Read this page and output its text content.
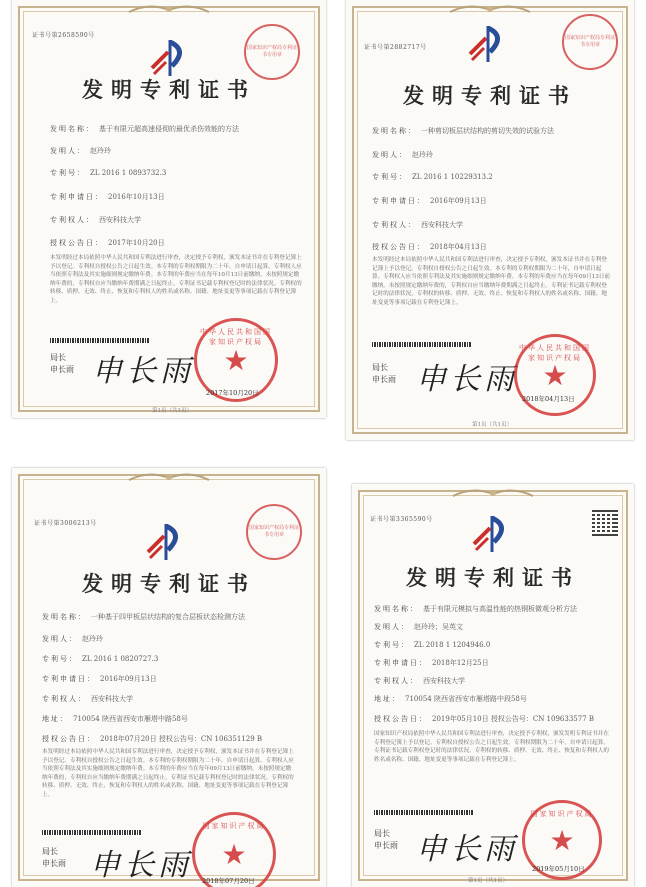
证书号第2658590号
国家知识产权局专利证书专用章
发明专利证书
发明名称： 基于有限元超高速侵彻的最优杀伤效能的方法
发明人： 赵玲玲
专利号： ZL 2016 1 0893732.3
专利申请日： 2016年10月13日
专利权人： 西安科技大学
授权公告日： 2017年10月20日
本发明经过本局依照中华人民共和国专利法进行审查，决定授予专利权，颁发本证书并在专利登记簿上予以登记。专利权自授权公告之日起生效。本专利的专利权期限为二十年，自申请日起算。专利权人应当依照专利法及其实施细则规定缴纳年费。本专利的年费应当在每年10月13日前缴纳。未按照规定缴纳年费的，专利权自应当缴纳年费期满之日起终止。专利证书记载专利权登记时的法律状况。专利权的转移、质押、无效、终止、恢复和专利权人的姓名或名称、国籍、地址变更等事项记载在专利登记簿上。
局长
申长雨 申长雨
中华人民共和国国家知识产权局
★
2017年10月20日
第1页（共1页）
证书号第2882717号
国家知识产权局专利证书专用章
发明专利证书
发明名称： 一种剪切板层状结构的剪切失效的试验方法
发明人： 赵玲玲
专利号： ZL 2016 1 10229313.2
专利申请日： 2016年09月13日
专利权人： 西安科技大学
授权公告日： 2018年04月13日
本发明经过本局依照中华人民共和国专利法进行审查，决定授予专利权，颁发本证书并在专利登记簿上予以登记。专利权自授权公告之日起生效。本专利的专利权期限为二十年，自申请日起算。专利权人应当依照专利法及其实施细则规定缴纳年费。本专利的年费应当在每年09月13日前缴纳。未按照规定缴纳年费的，专利权自应当缴纳年费期满之日起终止。专利证书记载专利权登记时的法律状况。专利权的转移、质押、无效、终止、恢复和专利权人的姓名或名称、国籍、地址变更等事项记载在专利登记簿上。
局长
申长雨 申长雨
中华人民共和国国家知识产权局
★
2018年04月13日
第1页（共1页）
证书号第3006213号
国家知识产权局专利证书专用章
发明专利证书
发明名称： 一种基于四甲板层状结构的复合层板状态检测方法
发明人： 赵玲玲
专利号： ZL 2016 1 0820727.3
专利申请日： 2016年09月13日
专利权人： 西安科技大学
地址： 710054 陕西省西安市雁塔中路58号
授权公告日： 2018年07月20日 授权公告号：CN 106351129 B
本发明经过本局依照中华人民共和国专利法进行审查，决定授予专利权，颁发本证书并在专利登记簿上予以登记。专利权自授权公告之日起生效。本专利的专利权期限为二十年，自申请日起算。专利权人应当依照专利法及其实施细则规定缴纳年费。本专利的年费应当在每年09月13日前缴纳。未按照规定缴纳年费的，专利权自应当缴纳年费期满之日起终止。专利证书记载专利权登记时的法律状况。专利权的转移、质押、无效、终止、恢复和专利权人的姓名或名称、国籍、地址变更等事项记载在专利登记簿上。
局长
申长雨 申长雨
国家知识产权局
★
2018年07月20日
证书号第3365590号
发明专利证书
发明名称： 基于有限元模拟与高温性能的热钢板微观分析方法
发明人： 赵玲玲；吴英文
专利号： ZL 2018 1 1204946.0
专利申请日： 2018年12月25日
专利权人： 西安科技大学
地址： 710054 陕西省西安市雁塔路中段58号
授权公告日： 2019年05月10日 授权公告号：CN 109633577 B
国家知识产权局依照中华人民共和国专利法进行审查，决定授予专利权，颁发发明专利证书并在专利登记簿上予以登记。专利权自授权公告之日起生效。专利权期限为二十年，自申请日起算。专利证书记载专利权登记时的法律状况。专利权的转移、质押、无效、终止、恢复和专利权人的姓名或名称、国籍、地址变更等事项记载在专利登记簿上。
局长
申长雨 申长雨
国家知识产权局
★
2019年05月10日
第1页（共1页）
